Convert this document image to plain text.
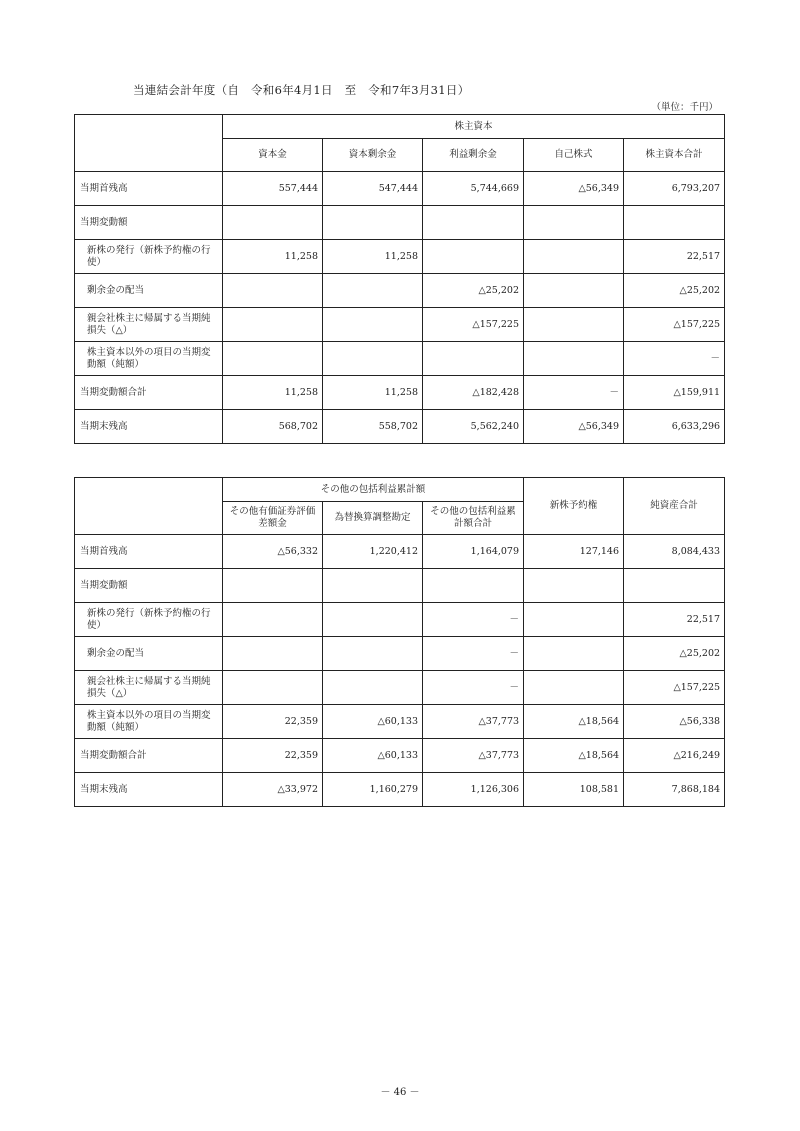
当連結会計年度（自　令和6年4月1日　至　令和7年3月31日）
（単位：千円）
	株主資本				
	資本金	資本剰余金	利益剰余金	自己株式	株主資本合計
当期首残高	557,444	547,444	5,744,669	△56,349	6,793,207
当期変動額					
新株の発行（新株予約権の行使）	11,258	11,258			22,517
剰余金の配当			△25,202		△25,202
親会社株主に帰属する当期純損失（△）			△157,225		△157,225
株主資本以外の項目の当期変動額（純額）					－
当期変動額合計	11,258	11,258	△182,428	－	△159,911
当期末残高	568,702	558,702	5,562,240	△56,349	6,633,296
	その他の包括利益累計額			新株予約権	純資産合計
	その他有価証券評価差額金	為替換算調整勘定	その他の包括利益累計額合計		
当期首残高	△56,332	1,220,412	1,164,079	127,146	8,084,433
当期変動額					
新株の発行（新株予約権の行使）			－		22,517
剰余金の配当			－		△25,202
親会社株主に帰属する当期純損失（△）			－		△157,225
株主資本以外の項目の当期変動額（純額）	22,359	△60,133	△37,773	△18,564	△56,338
当期変動額合計	22,359	△60,133	△37,773	△18,564	△216,249
当期末残高	△33,972	1,160,279	1,126,306	108,581	7,868,184
－ 46 －
